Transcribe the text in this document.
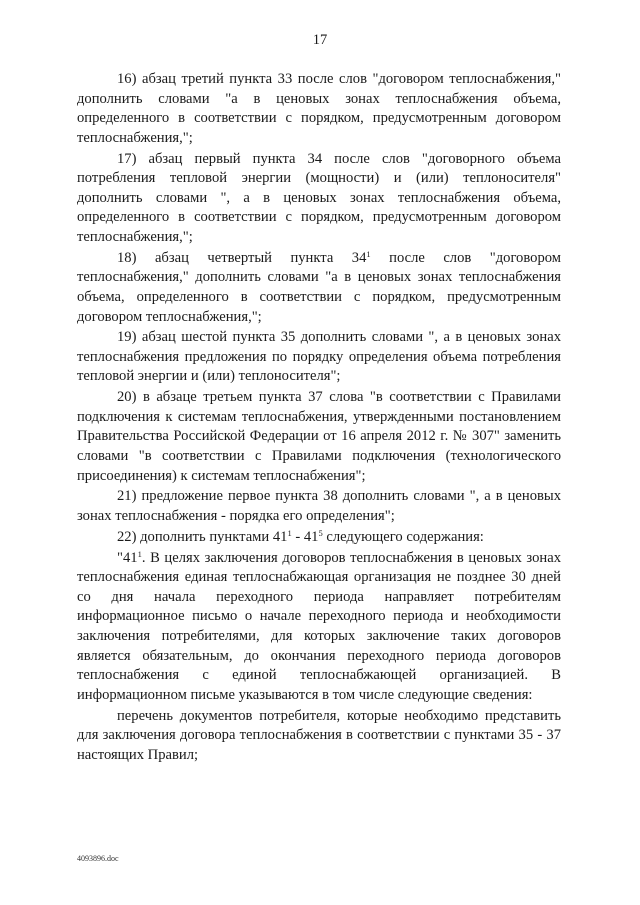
17

16) абзац третий пункта 33 после слов "договором теплоснабжения," дополнить словами "а в ценовых зонах теплоснабжения объема, определенного в соответствии с порядком, предусмотренным договором теплоснабжения,";

17) абзац первый пункта 34 после слов "договорного объема потребления тепловой энергии (мощности) и (или) теплоносителя" дополнить словами ", а в ценовых зонах теплоснабжения объема, определенного в соответствии с порядком, предусмотренным договором теплоснабжения,";

18) абзац четвертый пункта $34^1$ после слов "договором теплоснабжения," дополнить словами "а в ценовых зонах теплоснабжения объема, определенного в соответствии с порядком, предусмотренным договором теплоснабжения,";

19) абзац шестой пункта 35 дополнить словами ", а в ценовых зонах теплоснабжения предложения по порядку определения объема потребления тепловой энергии и (или) теплоносителя";

20) в абзаце третьем пункта 37 слова "в соответствии с Правилами подключения к системам теплоснабжения, утвержденными постановлением Правительства Российской Федерации от 16 апреля 2012 г. № 307" заменить словами "в соответствии с Правилами подключения (технологического присоединения) к системам теплоснабжения";

21) предложение первое пункта 38 дополнить словами ", а в ценовых зонах теплоснабжения - порядка его определения";

22) дополнить пунктами $41^1 - 41^5$ следующего содержания:

"$41^1$. В целях заключения договоров теплоснабжения в ценовых зонах теплоснабжения единая теплоснабжающая организация не позднее 30 дней со дня начала переходного периода направляет потребителям информационное письмо о начале переходного периода и необходимости заключения потребителями, для которых заключение таких договоров является обязательным, до окончания переходного периода договоров теплоснабжения с единой теплоснабжающей организацией. В информационном письме указываются в том числе следующие сведения:

перечень документов потребителя, которые необходимо представить для заключения договора теплоснабжения в соответствии с пунктами 35 - 37 настоящих Правил;

4093896.doc
